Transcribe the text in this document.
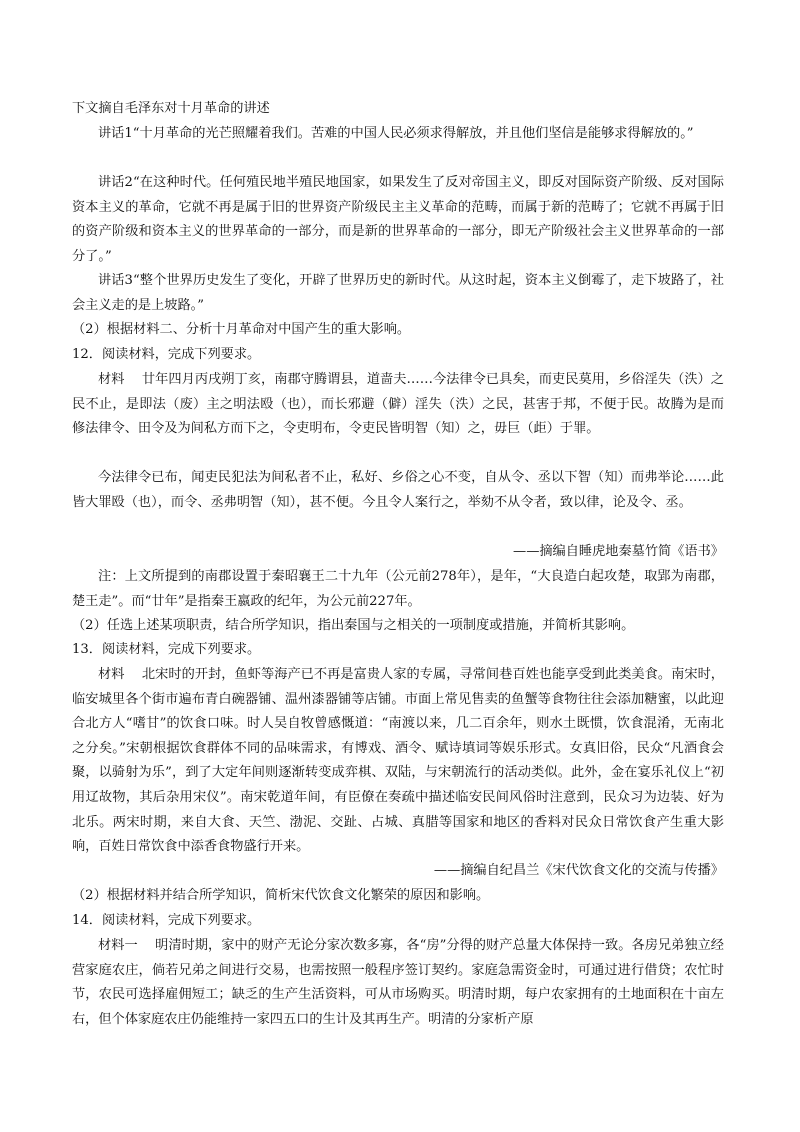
下文摘自毛泽东对十月革命的讲述

讲话1“十月革命的光芒照耀着我们。苦难的中国人民必须求得解放，并且他们坚信是能够求得解放的。”

讲话2“在这种时代。任何殖民地半殖民地国家，如果发生了反对帝国主义，即反对国际资产阶级、反对国际资本主义的革命，它就不再是属于旧的世界资产阶级民主主义革命的范畴，而属于新的范畴了；它就不再属于旧的资产阶级和资本主义的世界革命的一部分，而是新的世界革命的一部分，即无产阶级社会主义世界革命的一部分了。”

讲话3“整个世界历史发生了变化，开辟了世界历史的新时代。从这时起，资本主义倒霉了，走下坡路了，社会主义走的是上坡路。”

（2）根据材料二、分析十月革命对中国产生的重大影响。

12．阅读材料，完成下列要求。

材料　 廿年四月丙戌朔丁亥，南郡守腾谓县，道啬夫……今法律令已具矣，而吏民莫用，乡俗淫失（泆）之民不止，是即法（废）主之明法殴（也），而长邪避（僻）淫失（泆）之民，甚害于邦，不便于民。故腾为是而修法律令、田令及为间私方而下之，令吏明布，令吏民皆明智（知）之，毋巨（歫）于罪。

今法律令已布，闻吏民犯法为间私者不止，私好、乡俗之心不变，自从令、丞以下智（知）而弗举论……此皆大罪殴（也），而令、丞弗明智（知），甚不便。今且令人案行之，举劾不从令者，致以律，论及令、丞。

——摘编自睡虎地秦墓竹简《语书》

注：上文所提到的南郡设置于秦昭襄王二十九年（公元前278年），是年，“大良造白起攻楚，取郢为南郡，楚王走”。而“廿年”是指秦王嬴政的纪年，为公元前227年。

（2）任选上述某项职责，结合所学知识，指出秦国与之相关的一项制度或措施，并简析其影响。

13．阅读材料，完成下列要求。

材料　 北宋时的开封，鱼虾等海产已不再是富贵人家的专属，寻常间巷百姓也能享受到此类美食。南宋时，临安城里各个街市遍布青白碗器铺、温州漆器铺等店铺。市面上常见售卖的鱼蟹等食物往往会添加糖蜜，以此迎合北方人“嗜甘”的饮食口味。时人吴自牧曾感慨道：“南渡以来，几二百余年，则水土既惯，饮食混淆，无南北之分矣。”宋朝根据饮食群体不同的品味需求，有博戏、酒令、赋诗填词等娱乐形式。女真旧俗，民众“凡酒食会聚，以骑射为乐”，到了大定年间则逐渐转变成弈棋、双陆，与宋朝流行的活动类似。此外，金在宴乐礼仪上“初用辽故物，其后杂用宋仪”。南宋乾道年间，有臣僚在奏疏中描述临安民间风俗时注意到，民众习为边装、好为北乐。两宋时期，来自大食、天竺、渤泥、交趾、占城、真腊等国家和地区的香料对民众日常饮食产生重大影响，百姓日常饮食中添香食物盛行开来。

——摘编自纪昌兰《宋代饮食文化的交流与传播》

（2）根据材料并结合所学知识，简析宋代饮食文化繁荣的原因和影响。

14．阅读材料，完成下列要求。

材料一　 明清时期，家中的财产无论分家次数多寡，各“房”分得的财产总量大体保持一致。各房兄弟独立经营家庭农庄，倘若兄弟之间进行交易，也需按照一般程序签订契约。家庭急需资金时，可通过进行借贷；农忙时节，农民可选择雇佣短工；缺乏的生产生活资料，可从市场购买。明清时期，每户农家拥有的土地面积在十亩左右，但个体家庭农庄仍能维持一家四五口的生计及其再生产。明清的分家析产原
